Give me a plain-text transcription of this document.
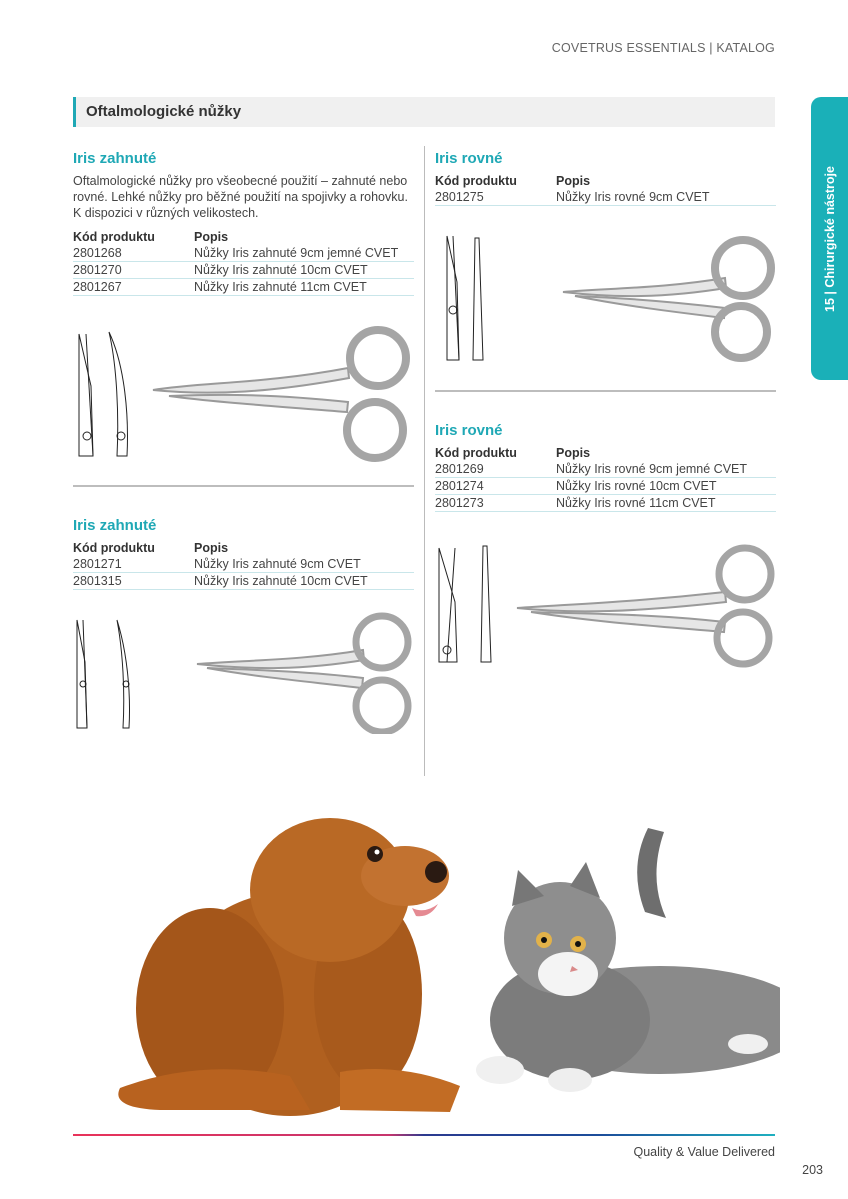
COVETRUS ESSENTIALS | KATALOG
Oftalmologické nůžky
15 | Chirurgické nástroje
Iris zahnuté

Oftalmologické nůžky pro všeobecné použití – zahnuté nebo rovné. Lehké nůžky pro běžné použití na spojivky a rohovku. K dispozici v různých velikostech.

Kód produktu	Popis
2801268	Nůžky Iris zahnuté 9cm jemné CVET
2801270	Nůžky Iris zahnuté 10cm CVET
2801267	Nůžky Iris zahnuté 11cm CVET
Iris zahnuté
Kód produktu	Popis
2801271	Nůžky Iris zahnuté 9cm CVET
2801315	Nůžky Iris zahnuté 10cm CVET
Iris rovné
Kód produktu	Popis
2801275	Nůžky Iris rovné 9cm CVET
Iris rovné
Kód produktu	Popis
2801269	Nůžky Iris rovné 9cm jemné CVET
2801274	Nůžky Iris rovné 10cm CVET
2801273	Nůžky Iris rovné 11cm CVET
Quality & Value Delivered
203
